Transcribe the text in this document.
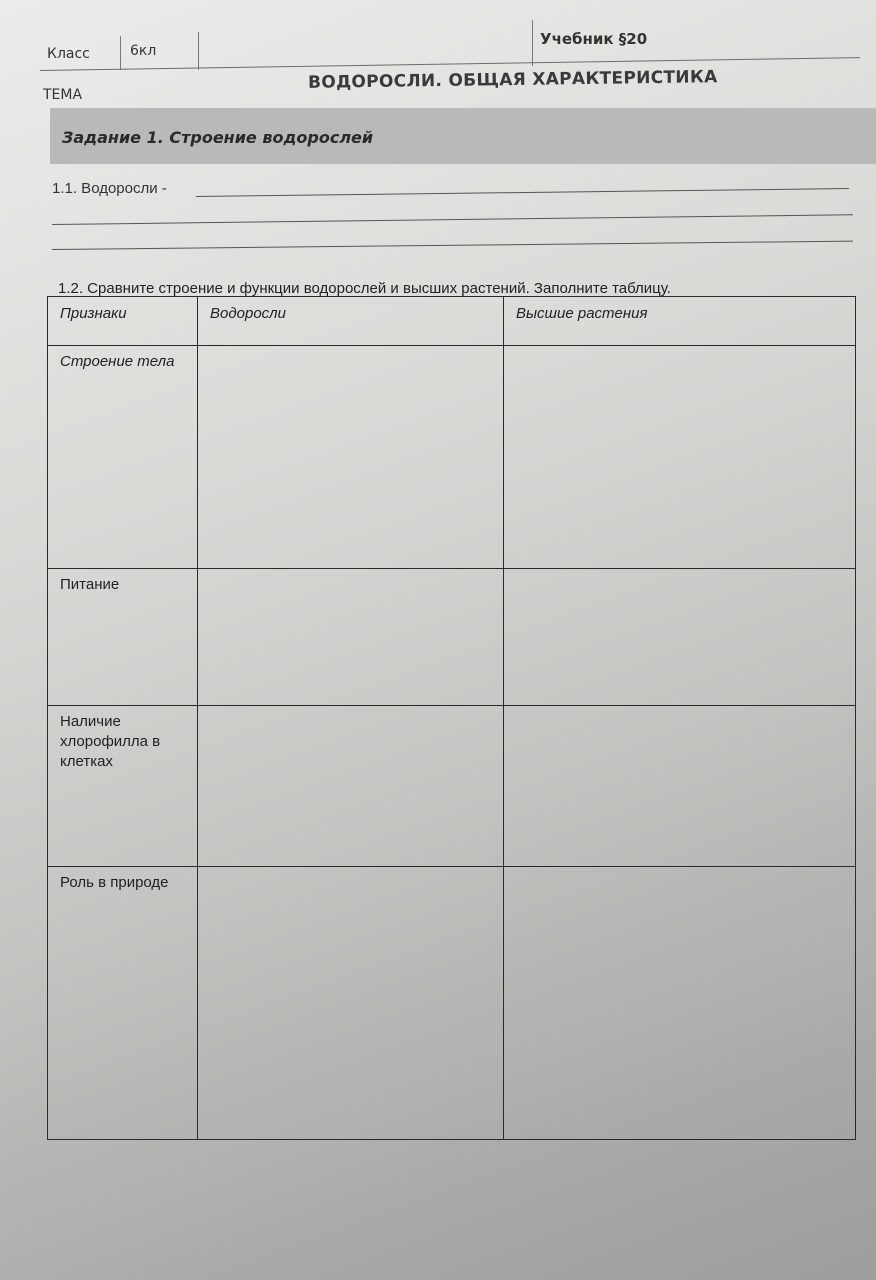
Класс	6кл
Учебник §20
ТЕМА
ВОДОРОСЛИ. ОБЩАЯ ХАРАКТЕРИСТИКА
Задание 1. Строение водорослей
1.1. Водоросли -
1.2. Сравните строение и функции водорослей и высших растений. Заполните таблицу.
Признаки	Водоросли	Высшие растения
Строение тела		
Питание		
Наличие хлорофилла в клетках		
Роль в природе		
